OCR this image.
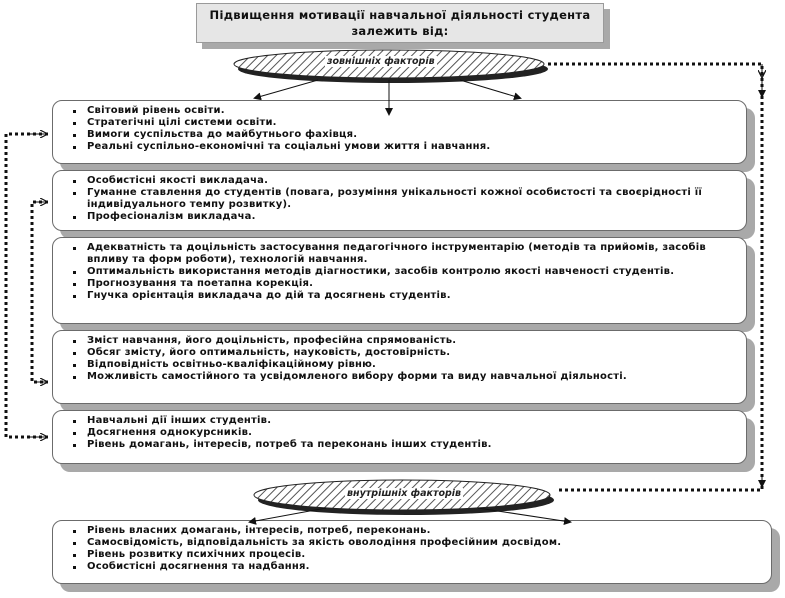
Підвищення мотивації навчальної діяльності студента залежить від:
Світовий рівень освіти.
Стратегічні цілі системи освіти.
Вимоги суспільства до майбутнього фахівця.
Реальні суспільно-економічні та соціальні умови життя і навчання.
Особистісні якості викладача.
Гуманне ставлення до студентів (повага, розуміння унікальності кожної особистості та своєрідності її індивідуального темпу розвитку).
Професіоналізм викладача.
Адекватність та доцільність застосування педагогічного інструментарію (методів та прийомів, засобів впливу та форм роботи), технологій навчання.
Оптимальність використання методів діагностики, засобів контролю якості навченості студентів.
Прогнозування та поетапна корекція.
Гнучка орієнтація викладача до дій та досягнень студентів.
Зміст навчання, його доцільність, професійна спрямованість.
Обсяг змісту, його оптимальність, науковість, достовірність.
Відповідність освітньо-кваліфікаційному рівню.
Можливість самостійного та усвідомленого вибору форми та виду навчальної діяльності.
Навчальні дії інших студентів.
Досягнення однокурсників.
Рівень домагань, інтересів, потреб та переконань інших студентів.
Рівень власних домагань, інтересів, потреб, переконань.
Самосвідомість, відповідальність за якість оволодіння професійним досвідом.
Рівень розвитку психічних процесів.
Особистісні досягнення та надбання.
зовнішніх факторів
внутрішніх факторів
